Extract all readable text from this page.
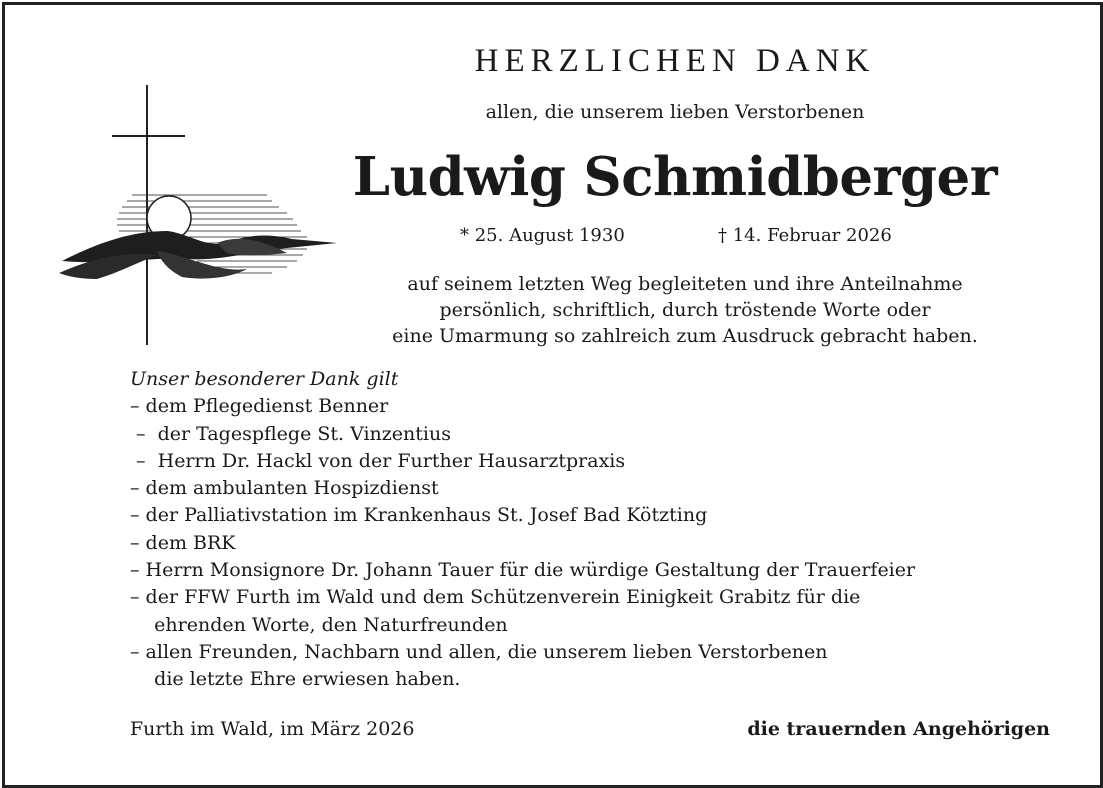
HERZLICHEN DANK
allen, die unserem lieben Verstorbenen
Ludwig Schmidberger
* 25. August 1930	† 14. Februar 2026
auf seinem letzten Weg begleiteten und ihre Anteilnahme
persönlich, schriftlich, durch tröstende Worte oder
eine Umarmung so zahlreich zum Ausdruck gebracht haben.
Unser besonderer Dank gilt
– dem Pflegedienst Benner
–  der Tagespflege St. Vinzentius
–  Herrn Dr. Hackl von der Further Hausarztpraxis
– dem ambulanten Hospizdienst
– der Palliativstation im Krankenhaus St. Josef Bad Kötzting
– dem BRK
– Herrn Monsignore Dr. Johann Tauer für die würdige Gestaltung der Trauerfeier
– der FFW Furth im Wald und dem Schützenverein Einigkeit Grabitz für die
ehrenden Worte, den Naturfreunden
– allen Freunden, Nachbarn und allen, die unserem lieben Verstorbenen
die letzte Ehre erwiesen haben.
Furth im Wald, im März 2026	die trauernden Angehörigen
